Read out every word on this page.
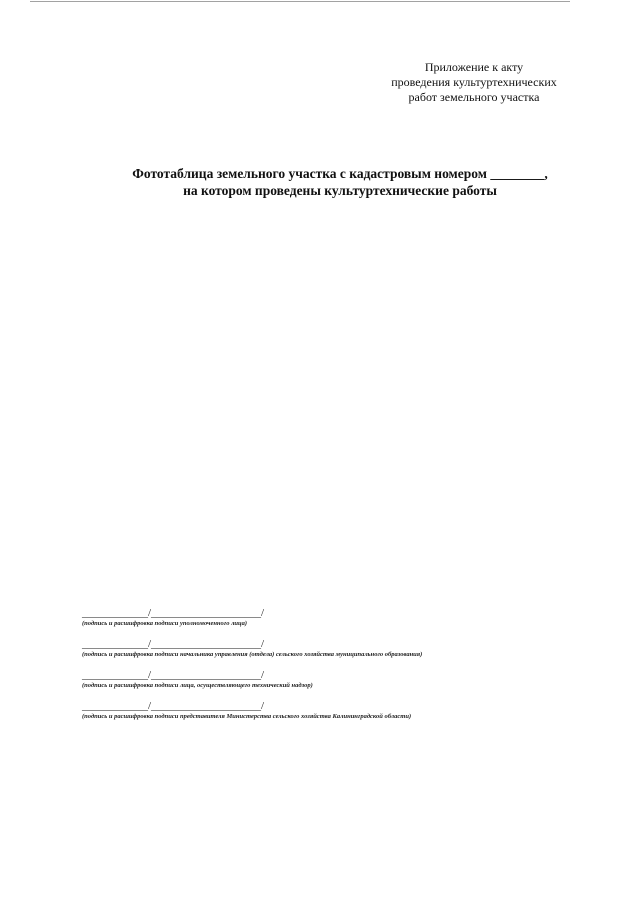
Приложение к акту
проведения культуртехнических
работ земельного участка
Фототаблица земельного участка с кадастровым номером ________,
на котором проведены культуртехнические работы
____________/____________________/
(подпись и расшифровка подписи уполномоченного лица)
____________/____________________/
(подпись и расшифровка подписи начальника управления (отдела) сельского хозяйства муниципального образования)
____________/____________________/
(подпись и расшифровка подписи лица, осуществляющего технический надзор)
____________/____________________/
(подпись и расшифровка подписи представителя Министерства сельского хозяйства Калининградской области)
